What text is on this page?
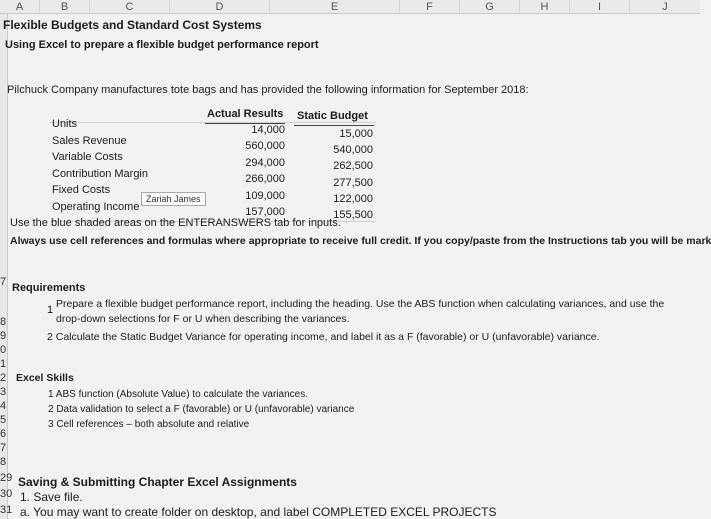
A	B	C	D	E	F	G	H	I	J
7
8
9
0
1
2
3
4
5
6
7
8
29
30
31
Flexible Budgets and Standard Cost Systems
Using Excel to prepare a flexible budget performance report
Pilchuck Company manufactures tote bags and has provided the following information for September 2018:
Actual Results Static Budget
Units	14,000	15,000
Sales Revenue	560,000	540,000
Variable Costs	294,000	262,500
Contribution Margin	266,000	277,500
Fixed Costs	109,000	122,000
Operating Income	157,000	155,500
Zariah James
Use the blue shaded areas on the ENTERANSWERS tab for inputs.
Always use cell references and formulas where appropriate to receive full credit. If you copy/paste from the Instructions tab you will be mark
Requirements
1 Prepare a flexible budget performance report, including the heading. Use the ABS function when calculating variances, and use the
drop-down selections for F or U when describing the variances.
2 Calculate the Static Budget Variance for operating income, and label it as a F (favorable) or U (unfavorable) variance.
Excel Skills
1 ABS function (Absolute Value) to calculate the variances.
2 Data validation to select a F (favorable) or U (unfavorable) variance
3 Cell references – both absolute and relative
Saving & Submitting Chapter Excel Assignments
1. Save file.
a. You may want to create folder on desktop, and label COMPLETED EXCEL PROJECTS
